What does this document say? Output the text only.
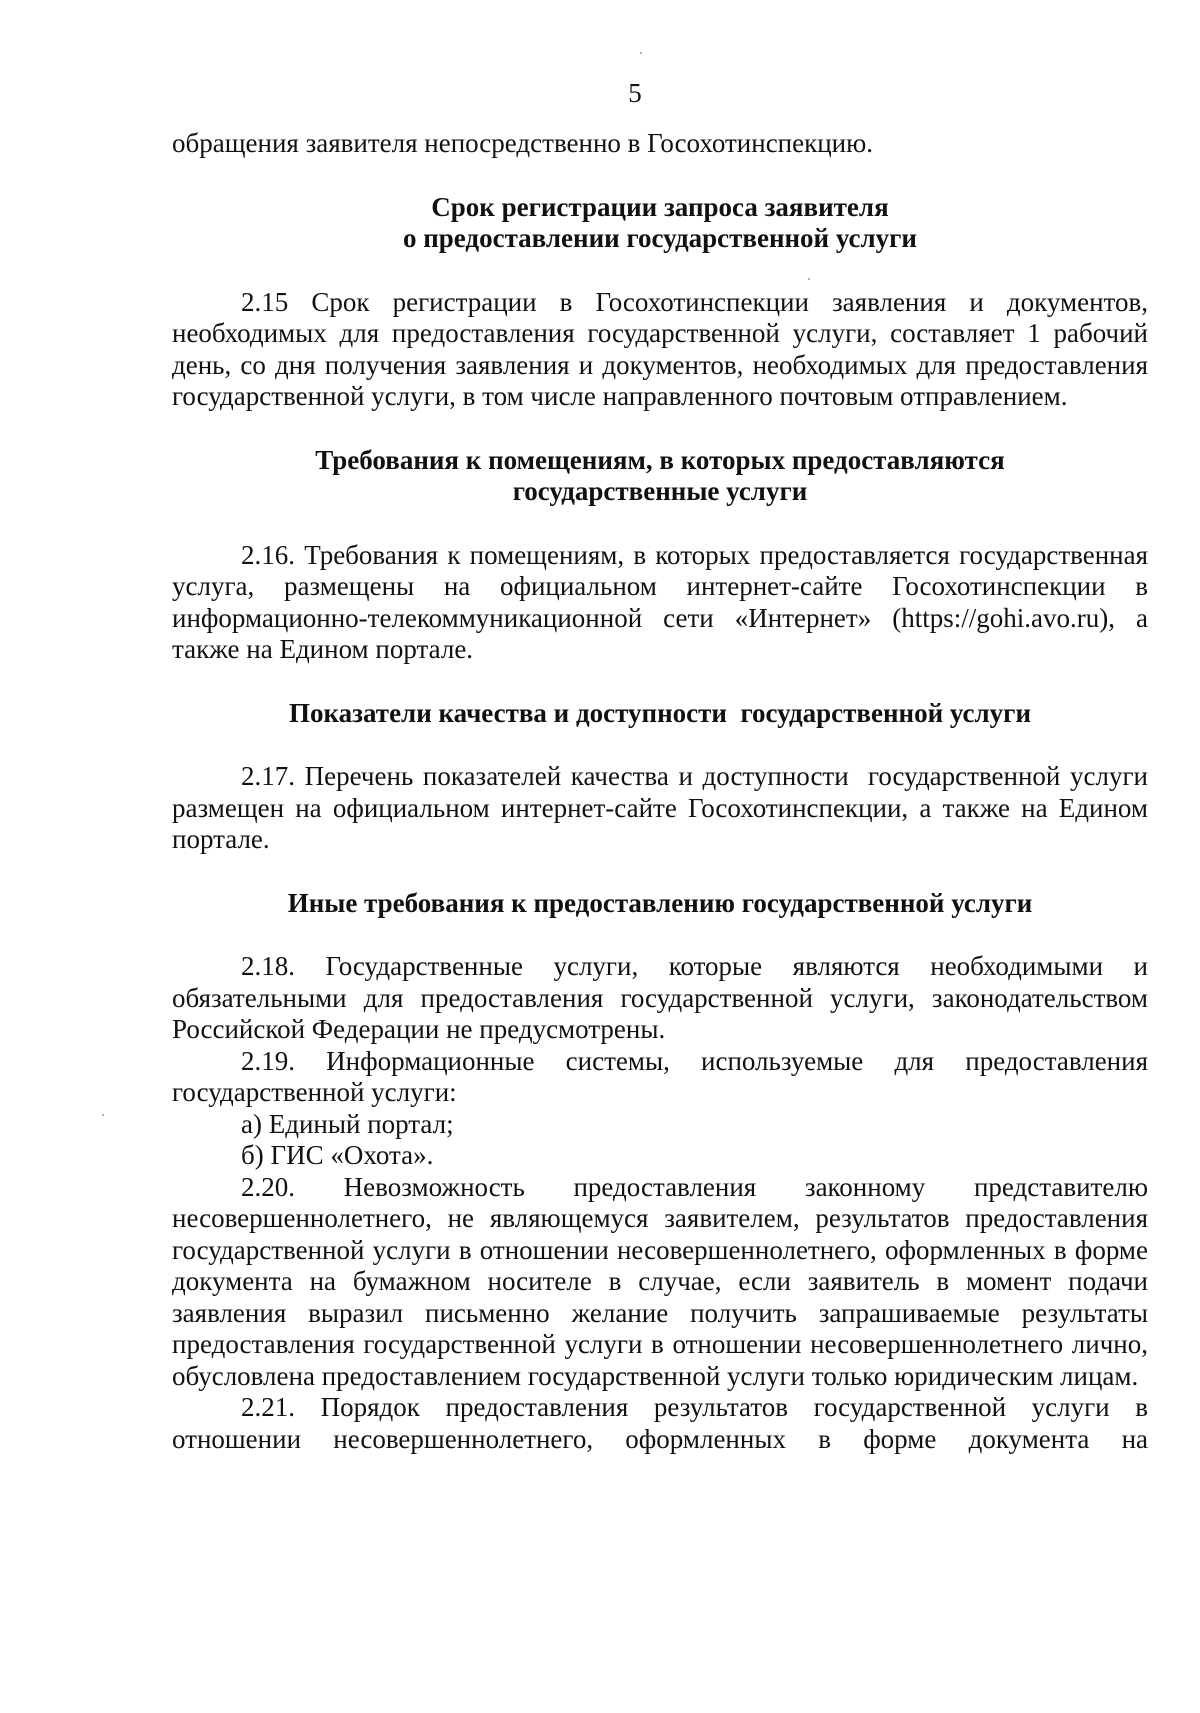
5

обращения заявителя непосредственно в Госохотинспекцию.

Срок регистрации запроса заявителя
о предоставлении государственной услуги

2.15 Срок регистрации в Госохотинспекции заявления и документов, необходимых для предоставления государственной услуги, составляет 1 рабочий день, со дня получения заявления и документов, необходимых для предоставления государственной услуги, в том числе направленного почтовым отправлением.

Требования к помещениям, в которых предоставляются
государственные услуги

2.16. Требования к помещениям, в которых предоставляется государственная услуга, размещены на официальном интернет-сайте Госохотинспекции в информационно-телекоммуникационной сети «Интернет» (https://gohi.avo.ru), а также на Едином портале.

Показатели качества и доступности  государственной услуги

2.17. Перечень показателей качества и доступности  государственной услуги размещен на официальном интернет-сайте Госохотинспекции, а также на Едином портале.

Иные требования к предоставлению государственной услуги

2.18. Государственные услуги, которые являются необходимыми и обязательными для предоставления государственной услуги, законодательством Российской Федерации не предусмотрены.

2.19. Информационные системы, используемые для предоставления государственной услуги:

а) Единый портал;

б) ГИС «Охота».

2.20. Невозможность предоставления законному представителю несовершеннолетнего, не являющемуся заявителем, результатов предоставления государственной услуги в отношении несовершеннолетнего, оформленных в форме документа на бумажном носителе в случае, если заявитель в момент подачи заявления выразил письменно желание получить запрашиваемые результаты предоставления государственной услуги в отношении несовершеннолетнего лично, обусловлена предоставлением государственной услуги только юридическим лицам.

2.21. Порядок предоставления результатов государственной услуги в отношении несовершеннолетнего, оформленных в форме документа на
